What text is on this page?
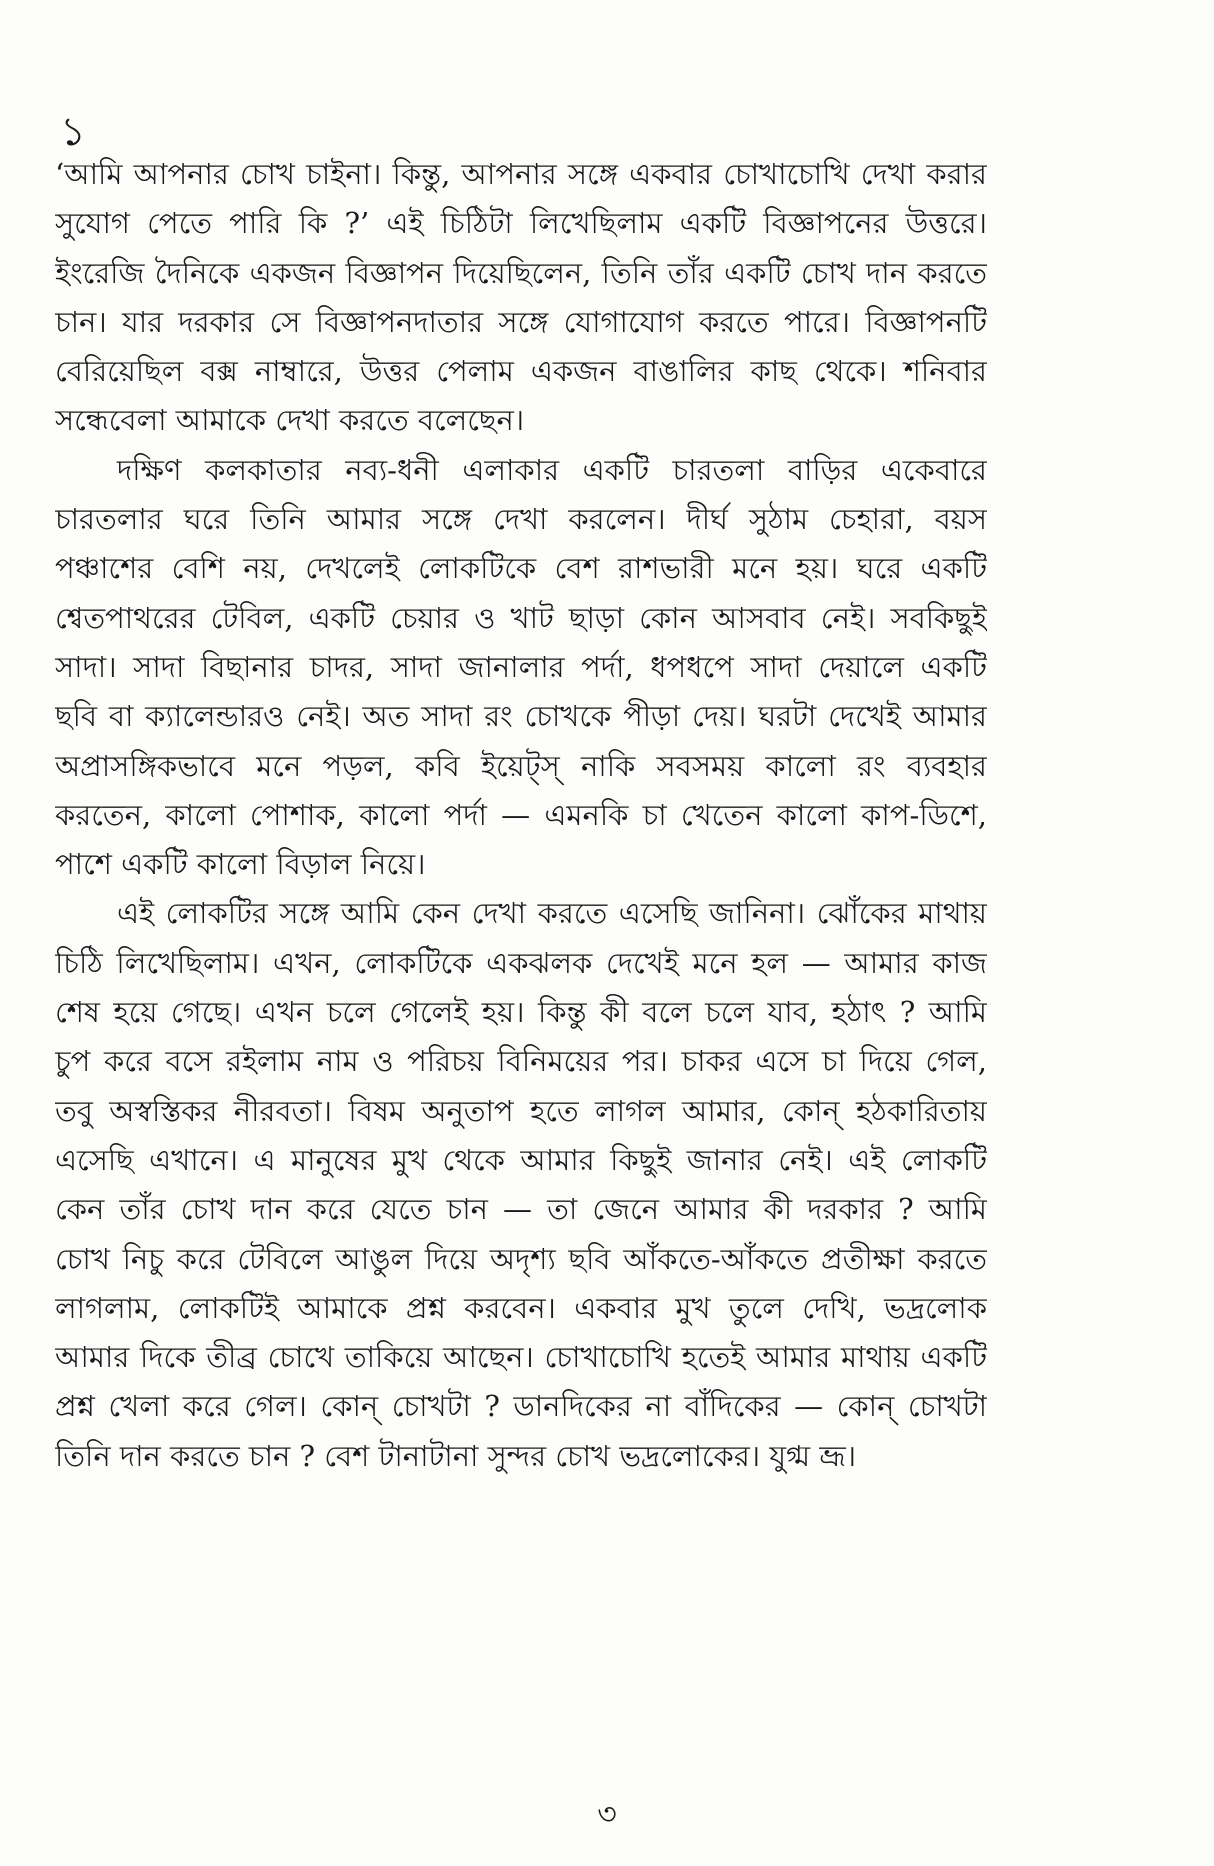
১
‘আমি আপনার চোখ চাইনা। কিন্তু, আপনার সঙ্গে একবার চোখাচোখি দেখা করার
সুযোগ পেতে পারি কি ?’ এই চিঠিটা লিখেছিলাম একটি বিজ্ঞাপনের উত্তরে।
ইংরেজি দৈনিকে একজন বিজ্ঞাপন দিয়েছিলেন, তিনি তাঁর একটি চোখ দান করতে
চান। যার দরকার সে বিজ্ঞাপনদাতার সঙ্গে যোগাযোগ করতে পারে। বিজ্ঞাপনটি
বেরিয়েছিল বক্স নাম্বারে, উত্তর পেলাম একজন বাঙালির কাছ থেকে। শনিবার
সন্ধেবেলা আমাকে দেখা করতে বলেছেন।
দক্ষিণ কলকাতার নব্য-ধনী এলাকার একটি চারতলা বাড়ির একেবারে
চারতলার ঘরে তিনি আমার সঙ্গে দেখা করলেন। দীর্ঘ সুঠাম চেহারা, বয়স
পঞ্চাশের বেশি নয়, দেখলেই লোকটিকে বেশ রাশভারী মনে হয়। ঘরে একটি
শ্বেতপাথরের টেবিল, একটি চেয়ার ও খাট ছাড়া কোন আসবাব নেই। সবকিছুই
সাদা। সাদা বিছানার চাদর, সাদা জানালার পর্দা, ধপধপে সাদা দেয়ালে একটি
ছবি বা ক্যালেন্ডারও নেই। অত সাদা রং চোখকে পীড়া দেয়। ঘরটা দেখেই আমার
অপ্রাসঙ্গিকভাবে মনে পড়ল, কবি ইয়েট্‌স্ নাকি সবসময় কালো রং ব্যবহার
করতেন, কালো পোশাক, কালো পর্দা — এমনকি চা খেতেন কালো কাপ-ডিশে,
পাশে একটি কালো বিড়াল নিয়ে।
এই লোকটির সঙ্গে আমি কেন দেখা করতে এসেছি জানিনা। ঝোঁকের মাথায়
চিঠি লিখেছিলাম। এখন, লোকটিকে একঝলক দেখেই মনে হল — আমার কাজ
শেষ হয়ে গেছে। এখন চলে গেলেই হয়। কিন্তু কী বলে চলে যাব, হঠাৎ ? আমি
চুপ করে বসে রইলাম নাম ও পরিচয় বিনিময়ের পর। চাকর এসে চা দিয়ে গেল,
তবু অস্বস্তিকর নীরবতা। বিষম অনুতাপ হতে লাগল আমার, কোন্ হঠকারিতায়
এসেছি এখানে। এ মানুষের মুখ থেকে আমার কিছুই জানার নেই। এই লোকটি
কেন তাঁর চোখ দান করে যেতে চান — তা জেনে আমার কী দরকার ? আমি
চোখ নিচু করে টেবিলে আঙুল দিয়ে অদৃশ্য ছবি আঁকতে-আঁকতে প্রতীক্ষা করতে
লাগলাম, লোকটিই আমাকে প্রশ্ন করবেন। একবার মুখ তুলে দেখি, ভদ্রলোক
আমার দিকে তীব্র চোখে তাকিয়ে আছেন। চোখাচোখি হতেই আমার মাথায় একটি
প্রশ্ন খেলা করে গেল। কোন্ চোখটা ? ডানদিকের না বাঁদিকের — কোন্ চোখটা
তিনি দান করতে চান ? বেশ টানাটানা সুন্দর চোখ ভদ্রলোকের। যুগ্ম ভ্রূ।
৩
